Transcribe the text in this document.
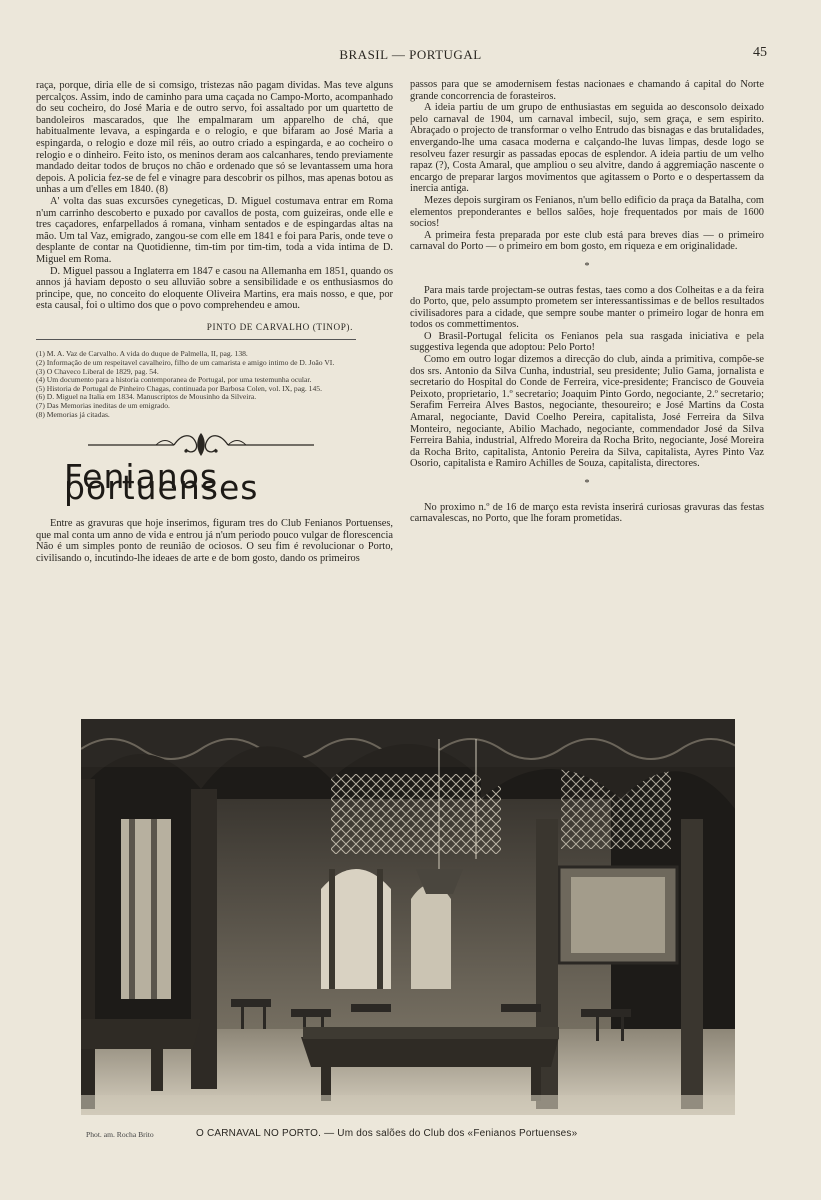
BRASIL — PORTUGAL	45

raça, porque, diria elle de si comsigo, tristezas não pagam dividas. Mas teve alguns percalços. Assim, indo de caminho para uma caçada no Campo-Morto, acompanhado do seu cocheiro, do José Maria e de outro servo, foi assaltado por um quartetto de bandoleiros mascarados, que lhe empalmaram um apparelho de chá, que habitualmente levava, a espingarda e o relogio, e que bifaram ao José Maria a espingarda, o relogio e doze mil réis, ao outro criado a espingarda, e ao cocheiro o relogio e o dinheiro. Feito isto, os meninos deram aos calcanhares, tendo previamente mandado deitar todos de bruços no chão e ordenado que só se levantassem uma hora depois. A policia fez-se de fel e vinagre para descobrir os pilhos, mas apenas botou as unhas a um d'elles em 1840. (8)

A' volta das suas excursões cynegeticas, D. Miguel costumava entrar em Roma n'um carrinho descoberto e puxado por cavallos de posta, com guizeiras, onde elle e tres caçadores, enfarpellados á romana, vinham sentados e de espingardas altas na mão. Um tal Vaz, emigrado, zangou-se com elle em 1841 e foi para Paris, onde teve o desplante de contar na Quotidienne, tim-tim por tim-tim, toda a vida intima de D. Miguel em Roma.

D. Miguel passou a Inglaterra em 1847 e casou na Allemanha em 1851, quando os annos já haviam deposto o seu alluvião sobre a sensibilidade e os enthusiasmos do principe, que, no conceito do eloquente Oliveira Martins, era mais nosso, e que, por esta causal, foi o ultimo dos que o povo comprehendeu e amou.

PINTO DE CARVALHO (TINOP).
(1) M. A. Vaz de Carvalho. A vida do duque de Palmella, II, pag. 138.
(2) Informação de um respeitavel cavalheiro, filho de um camarista e amigo intimo de D. João VI.
(3) O Chaveco Liberal de 1829, pag. 54.
(4) Um documento para a historia contemporanea de Portugal, por uma testemunha ocular.
(5) Historia de Portugal de Pinheiro Chagas, continuada por Barbosa Colen, vol. IX, pag. 145.
(6) D. Miguel na Italia em 1834. Manuscriptos de Mousinho da Silveira.
(7) Das Memorias ineditas de um emigrado.
(8) Memorias já citadas.
Fenianos portuenses

Entre as gravuras que hoje inserimos, figuram tres do Club Fenianos Portuenses, que mal conta um anno de vida e entrou já n'um periodo pouco vulgar de florescencia Não é um simples ponto de reunião de ociosos. O seu fim é revolucionar o Porto, civilisando o, incutindo-lhe ideaes de arte e de bom gosto, dando os primeiros

passos para que se amodernisem festas nacionaes e chamando á capital do Norte grande concorrencia de forasteiros.

A ideia partiu de um grupo de enthusiastas em seguida ao desconsolo deixado pelo carnaval de 1904, um carnaval imbecil, sujo, sem graça, e sem espirito. Abraçado o projecto de transformar o velho Entrudo das bisnagas e das brutalidades, envergando-lhe uma casaca moderna e calçando-lhe luvas limpas, desde logo se resolveu fazer resurgir as passadas epocas de esplendor. A ideia partiu de um velho rapaz (?), Costa Amaral, que ampliou o seu alvitre, dando á aggremiação nascente o encargo de preparar largos movimentos que agitassem o Porto e o despertassem da inercia antiga.

Mezes depois surgiram os Fenianos, n'um bello edificio da praça da Batalha, com elementos preponderantes e bellos salões, hoje frequentados por mais de 1600 socios!

A primeira festa preparada por este club está para breves dias — o primeiro carnaval do Porto — o primeiro em bom gosto, em riqueza e em originalidade.

*

Para mais tarde projectam-se outras festas, taes como a dos Colheitas e a da feira do Porto, que, pelo assumpto prometem ser interessantissimas e de bellos resultados civilisadores para a cidade, que sempre soube manter o primeiro logar de honra em todos os commettimentos.

O Brasil-Portugal felicita os Fenianos pela sua rasgada iniciativa e pela suggestiva legenda que adoptou: Pelo Porto!

Como em outro logar dizemos a direcção do club, ainda a primitiva, compõe-se dos srs. Antonio da Silva Cunha, industrial, seu presidente; Julio Gama, jornalista e secretario do Hospital do Conde de Ferreira, vice-presidente; Francisco de Gouveia Peixoto, proprietario, 1.º secretario; Joaquim Pinto Gordo, negociante, 2.º secretario; Serafim Ferreira Alves Bastos, negociante, thesoureiro; e José Martins da Costa Amaral, negociante, David Coelho Pereira, capitalista, José Ferreira da Silva Monteiro, negociante, Abilio Machado, negociante, commendador José da Silva Ferreira Bahia, industrial, Alfredo Moreira da Rocha Brito, negociante, José Moreira da Rocha Brito, capitalista, Antonio Pereira da Silva, capitalista, Ayres Pinto Vaz Osorio, capitalista e Ramiro Achilles de Souza, capitalista, directores.

*

No proximo n.º de 16 de março esta revista inserirá curiosas gravuras das festas carnavalescas, no Porto, que lhe foram prometidas.

Phot. am. Rocha Brito	O CARNAVAL NO PORTO. — Um dos salões do Club dos «Fenianos Portuenses»
